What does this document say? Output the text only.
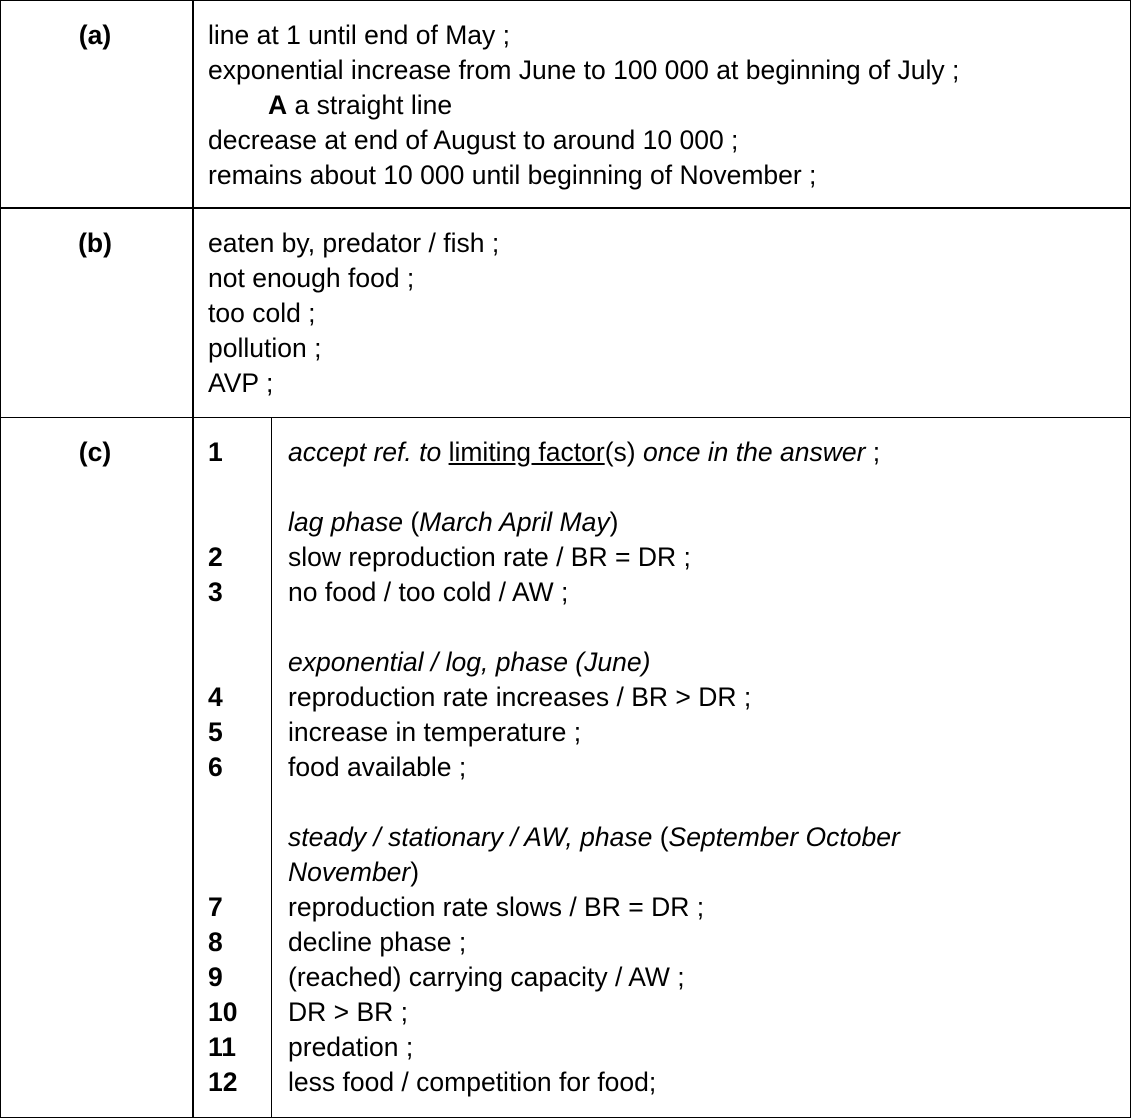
(a)	line at 1 until end of May ;
exponential increase from June to 100 000 at beginning of July ;
A a straight line
decrease at end of August to around 10 000 ;
remains about 10 000 until beginning of November ;
(b)	eaten by, predator / fish ;
not enough food ;
too cold ;
pollution ;
AVP ;
(c)	1 accept ref. to limiting factor(s) once in the answer ;
lag phase (March April May)
2 slow reproduction rate / BR = DR ;
3 no food / too cold / AW ;
exponential / log, phase (June)
4 reproduction rate increases / BR > DR ;
5 increase in temperature ;
6 food available ;
steady / stationary / AW, phase (September October
November)
7 reproduction rate slows / BR = DR ;
8 decline phase ;
9 (reached) carrying capacity / AW ;
10 DR > BR ;
11 predation ;
12 less food / competition for food;
